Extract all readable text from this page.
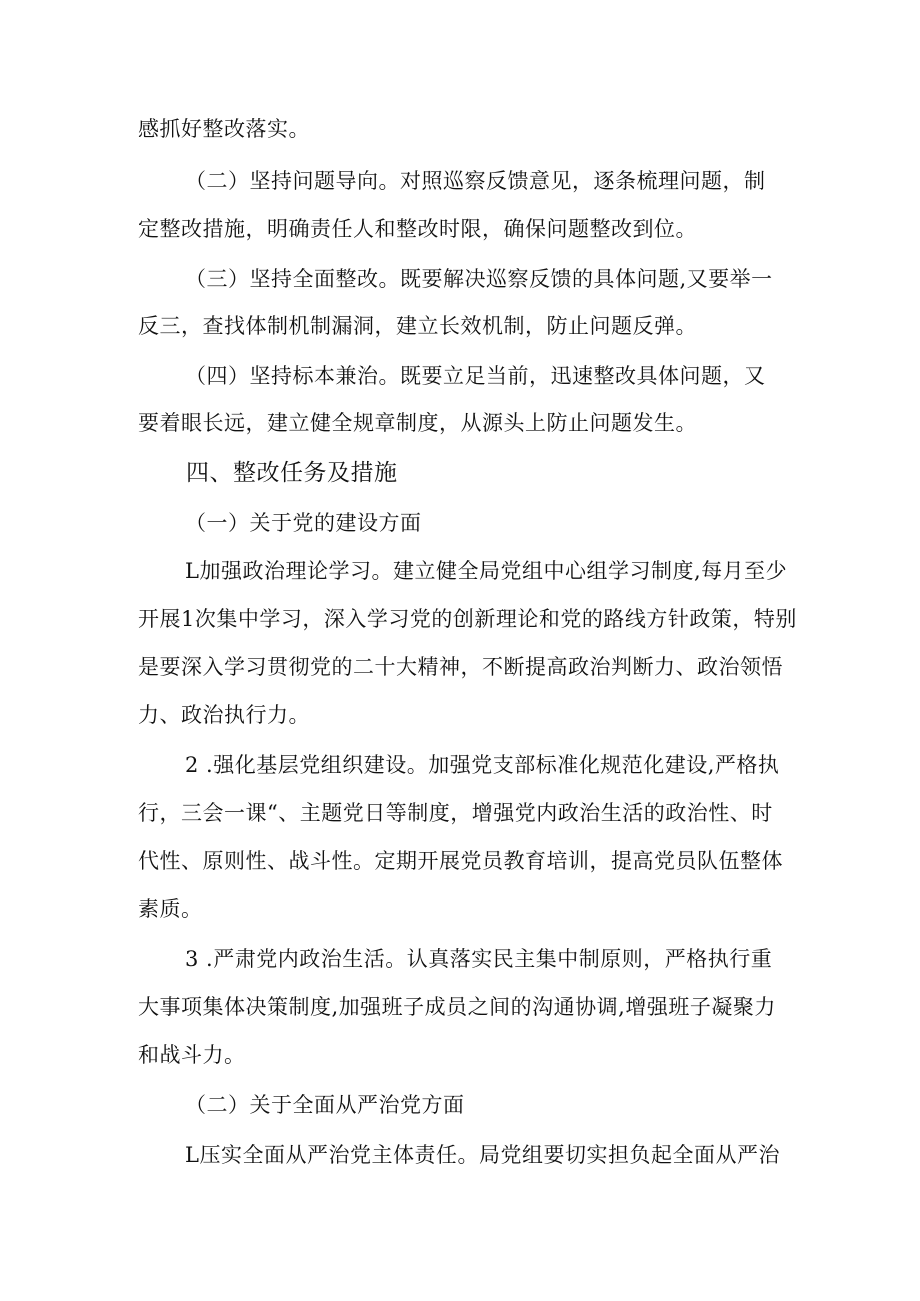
感抓好整改落实。
（二）坚持问题导向。对照巡察反馈意见，逐条梳理问题，制
定整改措施，明确责任人和整改时限，确保问题整改到位。
（三）坚持全面整改。既要解决巡察反馈的具体问题,又要举一
反三，查找体制机制漏洞，建立长效机制，防止问题反弹。
（四）坚持标本兼治。既要立足当前，迅速整改具体问题，又
要着眼长远，建立健全规章制度，从源头上防止问题发生。
四、整改任务及措施
（一）关于党的建设方面
L加强政治理论学习。建立健全局党组中心组学习制度,每月至少
开展1次集中学习，深入学习党的创新理论和党的路线方针政策，特别
是要深入学习贯彻党的二十大精神，不断提高政治判断力、政治领悟
力、政治执行力。
2 .强化基层党组织建设。加强党支部标准化规范化建设,严格执
行，三会一课“、主题党日等制度，增强党内政治生活的政治性、时
代性、原则性、战斗性。定期开展党员教育培训，提高党员队伍整体
素质。
3 .严肃党内政治生活。认真落实民主集中制原则，严格执行重
大事项集体决策制度,加强班子成员之间的沟通协调,增强班子凝聚力
和战斗力。
（二）关于全面从严治党方面
L压实全面从严治党主体责任。局党组要切实担负起全面从严治
